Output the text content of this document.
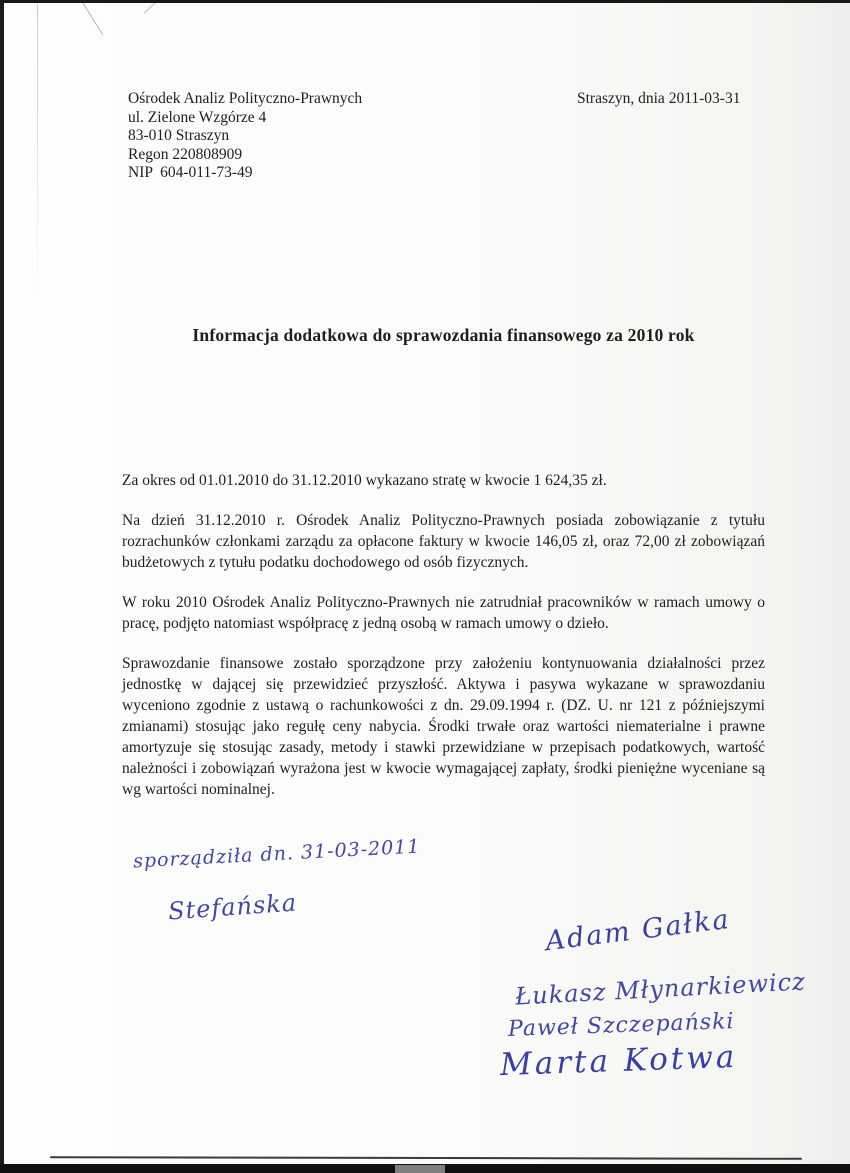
Ośrodek Analiz Polityczno-Prawnych
ul. Zielone Wzgórze 4
83-010 Straszyn
Regon 220808909
NIP  604-011-73-49
Straszyn, dnia 2011-03-31
Informacja dodatkowa do sprawozdania finansowego za 2010 rok

Za okres od 01.01.2010 do 31.12.2010 wykazano stratę w kwocie 1 624,35 zł.

Na dzień 31.12.2010 r. Ośrodek Analiz Polityczno-Prawnych posiada zobowiązanie z tytułu rozrachunków członkami zarządu za opłacone faktury w kwocie 146,05 zł, oraz 72,00 zł zobowiązań budżetowych z tytułu podatku dochodowego od osób fizycznych.

W roku 2010 Ośrodek Analiz Polityczno-Prawnych nie zatrudniał pracowników w ramach umowy o pracę, podjęto natomiast współpracę z jedną osobą w ramach umowy o dzieło.

Sprawozdanie finansowe zostało sporządzone przy założeniu kontynuowania działalności przez jednostkę w dającej się przewidzieć przyszłość. Aktywa i pasywa wykazane w sprawozdaniu wyceniono zgodnie z ustawą o rachunkowości z dn. 29.09.1994 r. (DZ. U. nr 121 z późniejszymi zmianami) stosując jako regułę ceny nabycia. Środki trwałe oraz wartości niematerialne i prawne amortyzuje się stosując zasady, metody i stawki przewidziane w przepisach podatkowych, wartość należności i zobowiązań wyrażona jest w kwocie wymagającej zapłaty, środki pieniężne wyceniane są wg wartości nominalnej.

sporządziła dn. 31-03-2011
Stefańska	Adam Gałka
Łukasz Młynarkiewicz
Paweł Szczepański
Marta Kotwa
